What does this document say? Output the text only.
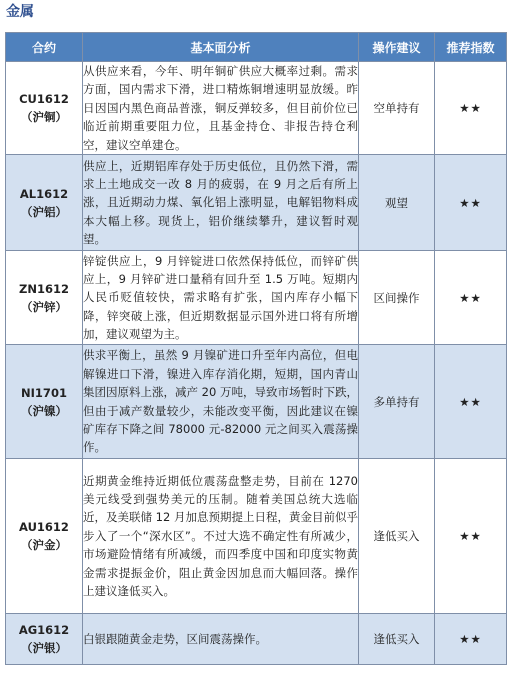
金属
合约	基本面分析	操作建议	推荐指数

CU1612
（沪铜）	从供应来看，今年、明年铜矿供应大概率过剩。需求方面，国内需求下滑，进口精炼铜增速明显放缓。昨日因国内黑色商品普涨，铜反弹较多，但目前价位已临近前期重要阻力位，且基金持仓、非报告持仓利空，建议空单建仓。	空单持有	★★

AL1612
（沪铝）	供应上，近期铝库存处于历史低位，且仍然下滑，需求上土地成交一改 8 月的疲弱，在 9 月之后有所上涨，且近期动力煤、氧化铝上涨明显，电解铝物料成本大幅上移。现货上，铝价继续攀升，建议暂时观望。	观望	★★

ZN1612
（沪锌）	锌锭供应上，9 月锌锭进口依然保持低位，而锌矿供应上，9 月锌矿进口量稍有回升至 1.5 万吨。短期内人民币贬值较快，需求略有扩张，国内库存小幅下降，锌突破上涨，但近期数据显示国外进口将有所增加，建议观望为主。	区间操作	★★

NI1701
（沪镍）	供求平衡上，虽然 9 月镍矿进口升至年内高位，但电解镍进口下滑，镍进入库存消化期，短期，国内青山集团因原料上涨，减产 20 万吨，导致市场暂时下跌，但由于减产数量较少，未能改变平衡，因此建议在镍矿库存下降之间 78000 元-82000 元之间买入震荡操作。	多单持有	★★

AU1612
（沪金）	近期黄金维持近期低位震荡盘整走势，目前在 1270 美元线受到强势美元的压制。随着美国总统大选临近，及美联储 12 月加息预期提上日程，黄金目前似乎步入了一个“深水区”。不过大选不确定性有所减少，市场避险情绪有所减缓，而四季度中国和印度实物黄金需求提振金价，阻止黄金因加息而大幅回落。操作上建议逢低买入。	逢低买入	★★

AG1612
（沪银）	白银跟随黄金走势，区间震荡操作。	逢低买入	★★
